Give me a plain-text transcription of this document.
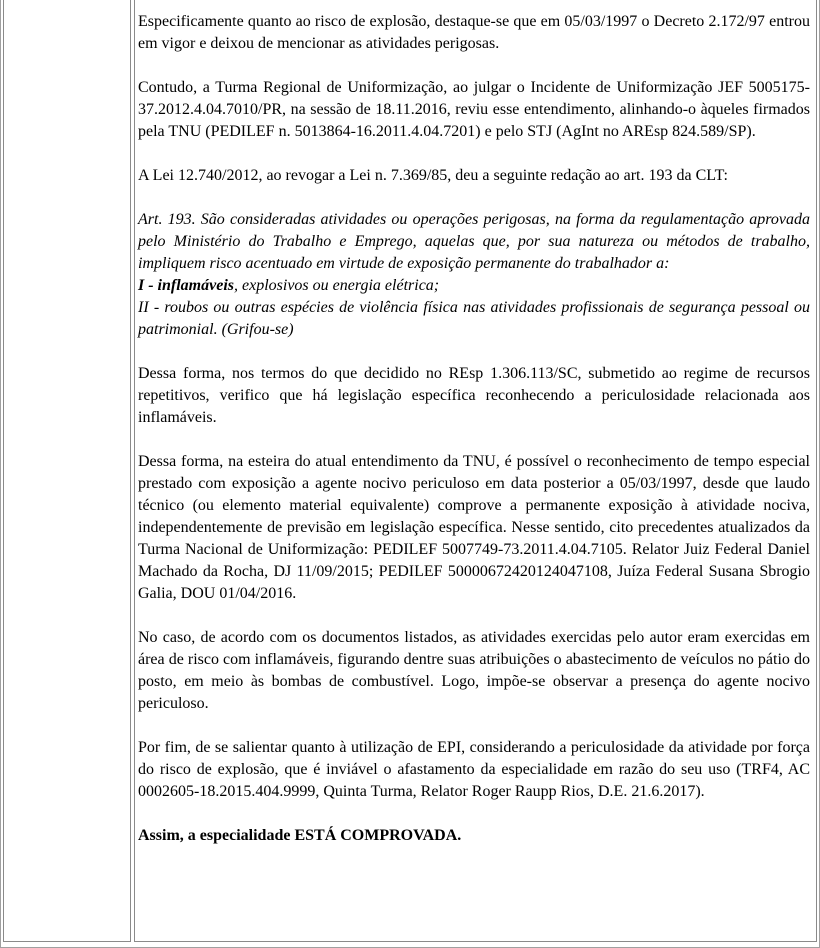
Especificamente quanto ao risco de explosão, destaque-se que em 05/03/1997 o Decreto 2.172/97 entrou em vigor e deixou de mencionar as atividades perigosas.

Contudo, a Turma Regional de Uniformização, ao julgar o Incidente de Uniformização JEF 5005175-37.2012.4.04.7010/PR, na sessão de 18.11.2016, reviu esse entendimento, alinhando-o àqueles firmados pela TNU (PEDILEF n. 5013864-16.2011.4.04.7201) e pelo STJ (AgInt no AREsp 824.589/SP).

A Lei 12.740/2012, ao revogar a Lei n. 7.369/85, deu a seguinte redação ao art. 193 da CLT:

Art. 193. São consideradas atividades ou operações perigosas, na forma da regulamentação aprovada pelo Ministério do Trabalho e Emprego, aquelas que, por sua natureza ou métodos de trabalho, impliquem risco acentuado em virtude de exposição permanente do trabalhador a:

I - inflamáveis, explosivos ou energia elétrica;

II - roubos ou outras espécies de violência física nas atividades profissionais de segurança pessoal ou patrimonial. (Grifou-se)

Dessa forma, nos termos do que decidido no REsp 1.306.113/SC, submetido ao regime de recursos repetitivos, verifico que há legislação específica reconhecendo a periculosidade relacionada aos inflamáveis.

Dessa forma, na esteira do atual entendimento da TNU, é possível o reconhecimento de tempo especial prestado com exposição a agente nocivo periculoso em data posterior a 05/03/1997, desde que laudo técnico (ou elemento material equivalente) comprove a permanente exposição à atividade nociva, independentemente de previsão em legislação específica. Nesse sentido, cito precedentes atualizados da Turma Nacional de Uniformização: PEDILEF 5007749-73.2011.4.04.7105. Relator Juiz Federal Daniel Machado da Rocha, DJ 11/09/2015; PEDILEF 50000672420124047108, Juíza Federal Susana Sbrogio Galia, DOU 01/04/2016.

No caso, de acordo com os documentos listados, as atividades exercidas pelo autor eram exercidas em área de risco com inflamáveis, figurando dentre suas atribuições o abastecimento de veículos no pátio do posto, em meio às bombas de combustível. Logo, impõe-se observar a presença do agente nocivo periculoso.

Por fim, de se salientar quanto à utilização de EPI, considerando a periculosidade da atividade por força do risco de explosão, que é inviável o afastamento da especialidade em razão do seu uso (TRF4, AC 0002605-18.2015.404.9999, Quinta Turma, Relator Roger Raupp Rios, D.E. 21.6.2017).

Assim, a especialidade ESTÁ COMPROVADA.
